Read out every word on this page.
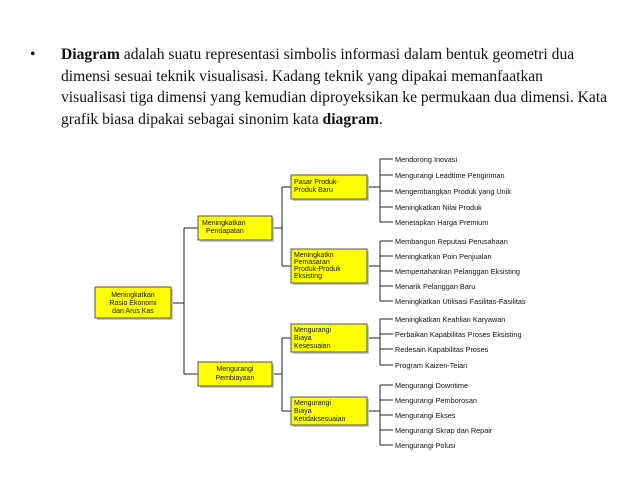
• Diagram adalah suatu representasi simbolis informasi dalam bentuk geometri dua dimensi sesuai teknik visualisasi. Kadang teknik yang dipakai memanfaatkan visualisasi tiga dimensi yang kemudian diproyeksikan ke permukaan dua dimensi. Kata grafik biasa dipakai sebagai sinonim kata diagram.
Meningkatkan
Rasio Ekonomi
dan Arus Kas
Meningkatkan
Pendapatan
Mengurangi
Pembiayaan
Pasar Produk-
Produk Baru
Meningkatkn
Pemasaran
Produk-Produk
Eksisting
Mengurangi
Biaya
Kesesuaian
Mengurangi
Biaya
Ketidaksesuaian
Mendorong Inovasi
Mengurangi Leadtime Pengiriman
Mengembangkan Produk yang Unik
Meningkatkan Nilai Produk
Menetapkan Harga Premium
Membangun Reputasi Perusahaan
Meningkatkan Poin Penjualan
Mempertahankan Pelanggan Eksisting
Menarik Pelanggan Baru
Meningkatkan Utilisasi Fasilitas-Fasilitas
Meningkatkan Keahlian Karyawan
Perbaikan Kapabilitas Proses Eksisting
Redesain Kapabilitas Proses
Program Kaizen-Teian
Mengurangi Downtime
Mengurangi Pemborosan
Mengurangi Ekses
Mengurangi Skrap dan Repair
Mengurangi Polusi
